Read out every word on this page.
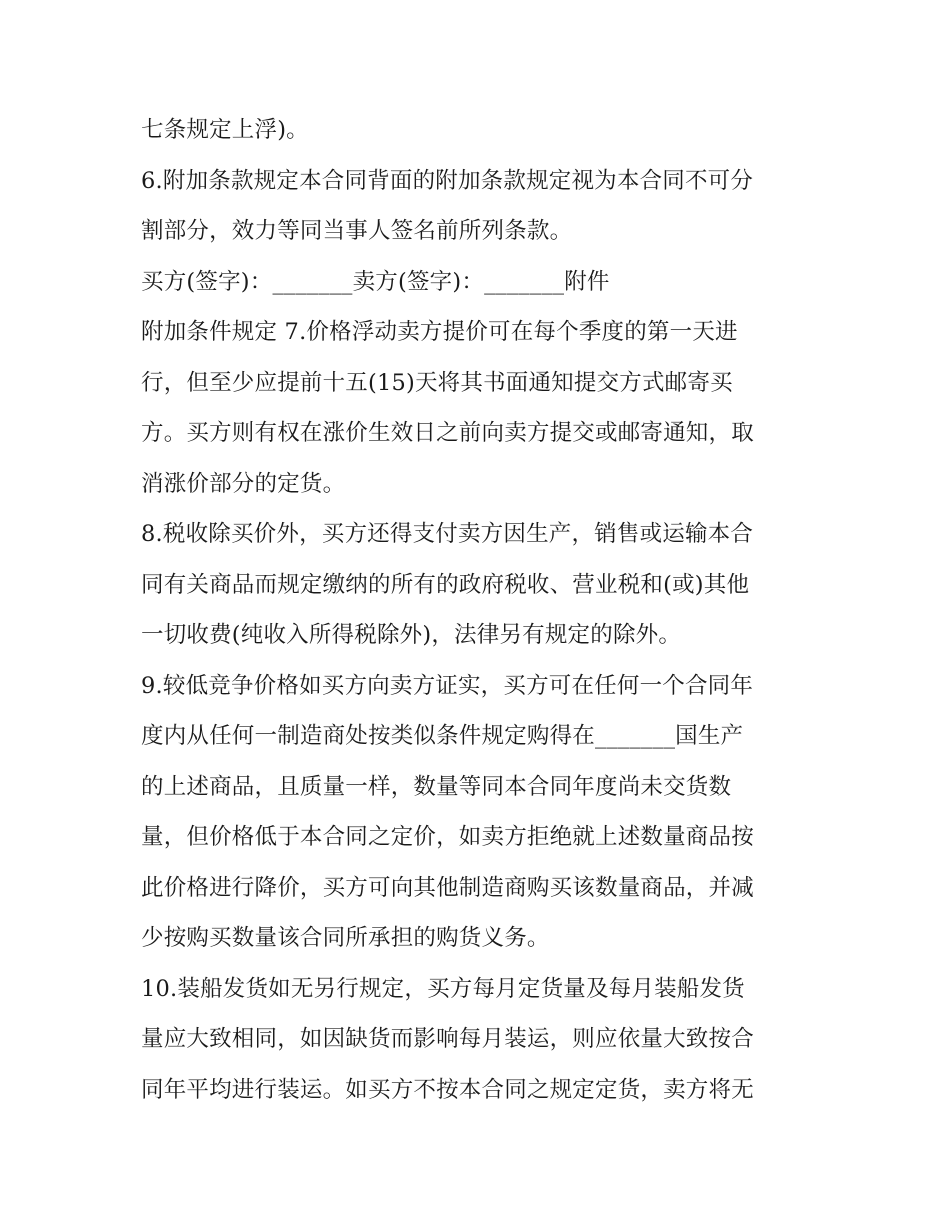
七条规定上浮)。
6.附加条款规定本合同背面的附加条款规定视为本合同不可分
割部分，效力等同当事人签名前所列条款。
买方(签字)：_______卖方(签字)：_______附件
附加条件规定 7.价格浮动卖方提价可在每个季度的第一天进
行，但至少应提前十五(15)天将其书面通知提交方式邮寄买
方。买方则有权在涨价生效日之前向卖方提交或邮寄通知，取
消涨价部分的定货。
8.税收除买价外，买方还得支付卖方因生产，销售或运输本合
同有关商品而规定缴纳的所有的政府税收、营业税和(或)其他
一切收费(纯收入所得税除外)，法律另有规定的除外。
9.较低竞争价格如买方向卖方证实，买方可在任何一个合同年
度内从任何一制造商处按类似条件规定购得在_______国生产
的上述商品，且质量一样，数量等同本合同年度尚未交货数
量，但价格低于本合同之定价，如卖方拒绝就上述数量商品按
此价格进行降价，买方可向其他制造商购买该数量商品，并减
少按购买数量该合同所承担的购货义务。
10.装船发货如无另行规定，买方每月定货量及每月装船发货
量应大致相同，如因缺货而影响每月装运，则应依量大致按合
同年平均进行装运。如买方不按本合同之规定定货，卖方将无
